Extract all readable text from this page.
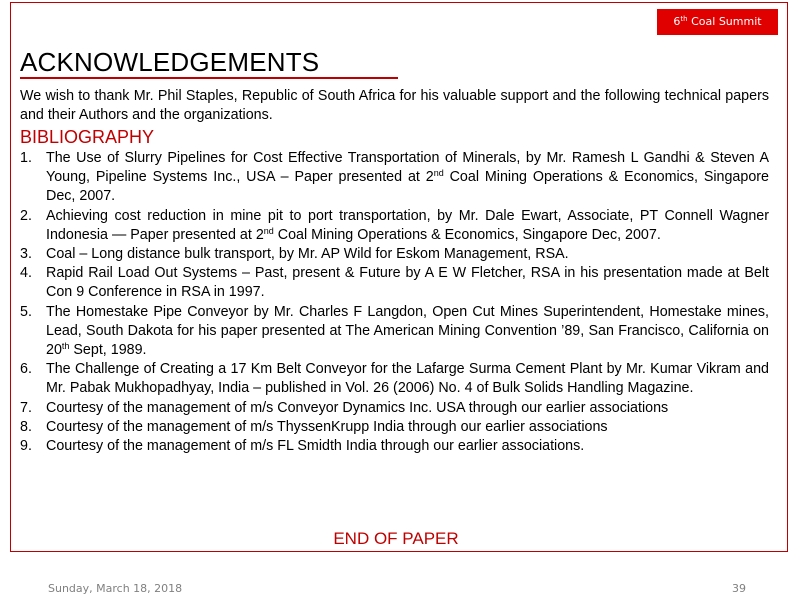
6th Coal Summit
ACKNOWLEDGEMENTS

We wish to thank Mr. Phil Staples, Republic of South Africa for his valuable support and the following technical papers and their Authors and the organizations.

BIBLIOGRAPHY
1. The Use of Slurry Pipelines for Cost Effective Transportation of Minerals, by Mr. Ramesh L Gandhi & Steven A Young, Pipeline Systems Inc., USA – Paper presented at 2nd Coal Mining Operations & Economics, Singapore Dec, 2007.
2. Achieving cost reduction in mine pit to port transportation, by Mr. Dale Ewart, Associate, PT Connell Wagner Indonesia — Paper presented at 2nd Coal Mining Operations & Economics, Singapore Dec, 2007.
3. Coal – Long distance bulk transport, by Mr. AP Wild for Eskom Management, RSA.
4. Rapid Rail Load Out Systems – Past, present & Future by A E W Fletcher, RSA in his presentation made at Belt Con 9 Conference in RSA in 1997.
5. The Homestake Pipe Conveyor by Mr. Charles F Langdon, Open Cut Mines Superintendent, Homestake mines, Lead, South Dakota for his paper presented at The American Mining Convention ’89, San Francisco, California on 20th Sept, 1989.
6. The Challenge of Creating a 17 Km Belt Conveyor for the Lafarge Surma Cement Plant by Mr. Kumar Vikram and Mr. Pabak Mukhopadhyay, India – published in Vol. 26 (2006) No. 4 of Bulk Solids Handling Magazine.
7. Courtesy of the management of m/s Conveyor Dynamics Inc. USA through our earlier associations
8. Courtesy of the management of m/s ThyssenKrupp India through our earlier associations
9. Courtesy of the management of m/s FL Smidth India through our earlier associations.
END OF PAPER
Sunday, March 18, 2018	39
